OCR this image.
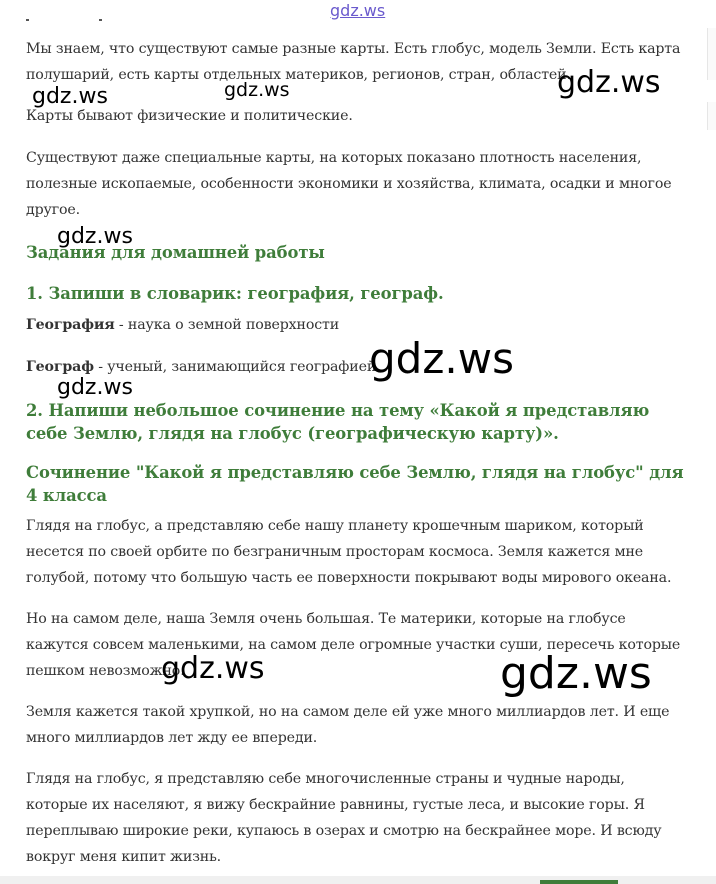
gdz.ws

Мы знаем, что существуют самые разные карты. Есть глобус, модель Земли. Есть карта полушарий, есть карты отдельных материков, регионов, стран, областей.

Карты бывают физические и политические.

Существуют даже специальные карты, на которых показано плотность населения, полезные ископаемые, особенности экономики и хозяйства, климата, осадки и многое другое.

Задания для домашней работы
1. Запиши в словарик: география, географ.

География - наука о земной поверхности

Географ - ученый, занимающийся географией

2. Напиши небольшое сочинение на тему «Какой я представляю себе Землю, глядя на глобус (географическую карту)».
Сочинение "Какой я представляю себе Землю, глядя на глобус" для 4 класса

Глядя на глобус, а представляю себе нашу планету крошечным шариком, который несется по своей орбите по безграничным просторам космоса. Земля кажется мне голубой, потому что большую часть ее поверхности покрывают воды мирового океана.

Но на самом деле, наша Земля очень большая. Те материки, которые на глобусе кажутся совсем маленькими, на самом деле огромные участки суши, пересечь которые пешком невозможно.

Земля кажется такой хрупкой, но на самом деле ей уже много миллиардов лет. И еще много миллиардов лет жду ее впереди.

Глядя на глобус, я представляю себе многочисленные страны и чудные народы, которые их населяют, я вижу бескрайние равнины, густые леса, и высокие горы. Я переплываю широкие реки, купаюсь в озерах и смотрю на бескрайнее море. И всюду вокруг меня кипит жизнь.

gdz.ws	gdz.ws	gdz.ws
gdz.ws
gdz.ws
gdz.ws
gdz.ws	gdz.ws
